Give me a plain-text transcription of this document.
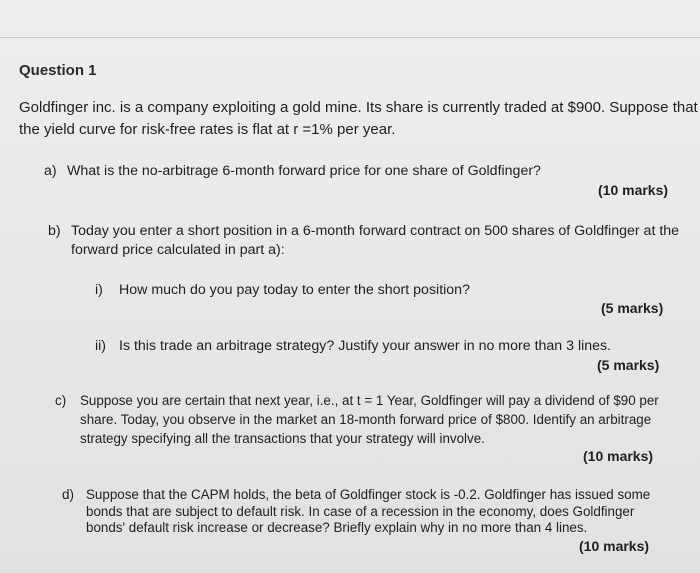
Question 1
Goldfinger inc. is a company exploiting a gold mine. Its share is currently traded at $900. Suppose that
the yield curve for risk-free rates is flat at r =1% per year.
a) What is the no-arbitrage 6-month forward price for one share of Goldfinger?
(10 marks)
b) Today you enter a short position in a 6-month forward contract on 500 shares of Goldfinger at the
forward price calculated in part a):
i) How much do you pay today to enter the short position?
(5 marks)
ii) Is this trade an arbitrage strategy? Justify your answer in no more than 3 lines.
(5 marks)
c) Suppose you are certain that next year, i.e., at t = 1 Year, Goldfinger will pay a dividend of $90 per
share. Today, you observe in the market an 18-month forward price of $800. Identify an arbitrage
strategy specifying all the transactions that your strategy will involve.
(10 marks)
d) Suppose that the CAPM holds, the beta of Goldfinger stock is -0.2. Goldfinger has issued some
bonds that are subject to default risk. In case of a recession in the economy, does Goldfinger
bonds' default risk increase or decrease? Briefly explain why in no more than 4 lines.
(10 marks)
